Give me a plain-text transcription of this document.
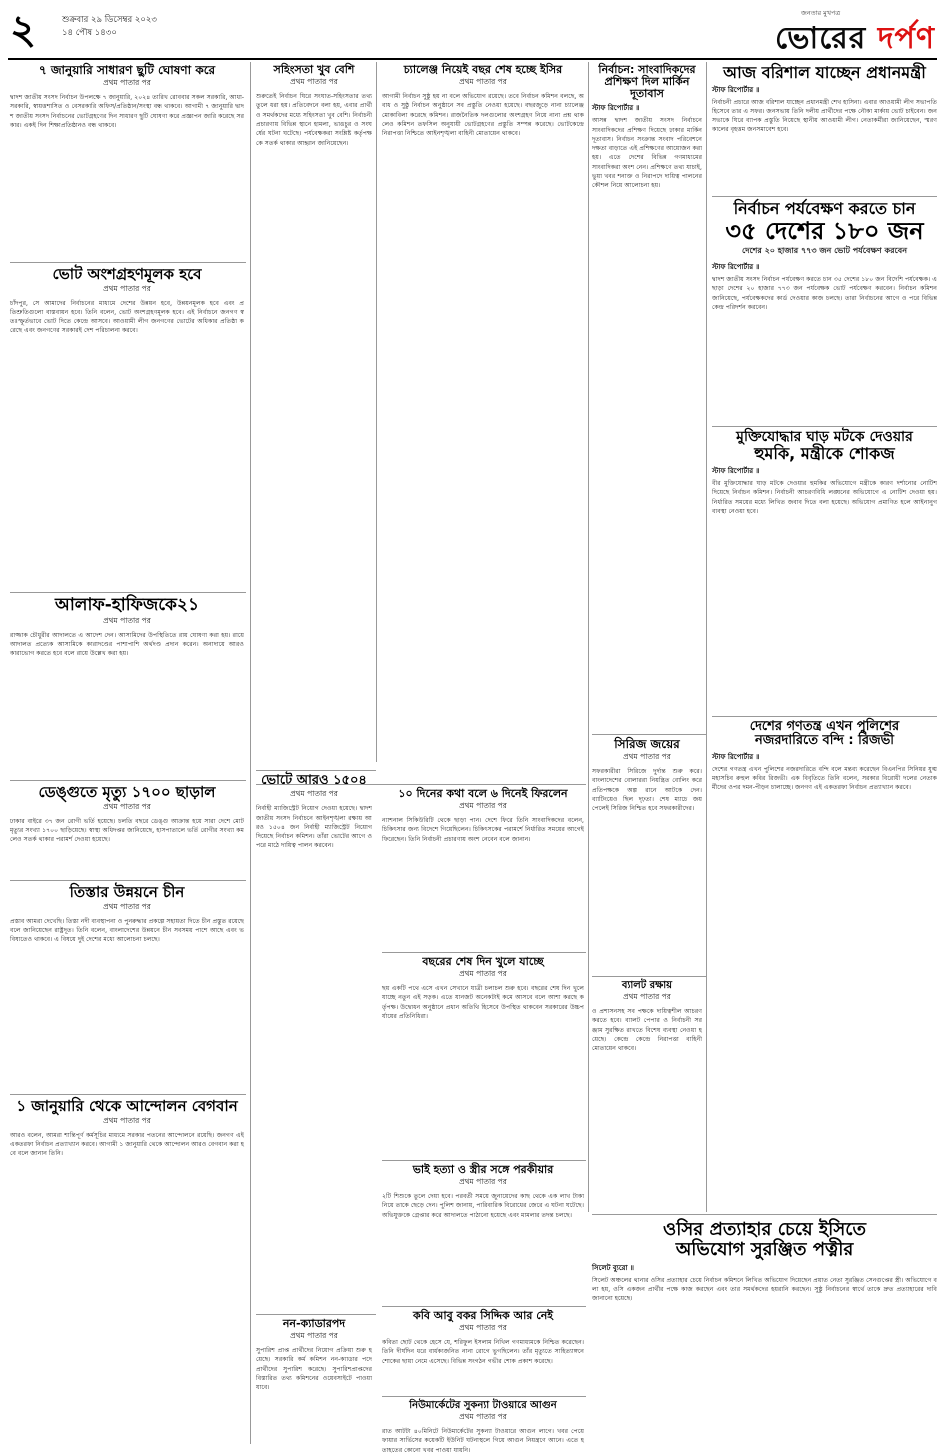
২	শুক্রবার ২৯ ডিসেম্বর ২০২৩
১৪ পৌষ ১৪৩০
জনতার মুখপত্র
ভোরের দর্পণ
৭ জানুয়ারি সাধারণ ছুটি ঘোষণা করে

প্রথম পাতার পর

দ্বাদশ জাতীয় সংসদ নির্বাচন উপলক্ষে ৭ জানুয়ারি, ২০২৪ তারিখ রোববার সকল সরকারি, আধা-সরকারি, স্বায়ত্তশাসিত ও বেসরকারি অফিস/প্রতিষ্ঠান/সংস্থা বন্ধ থাকবে। আগামী ৭ জানুয়ারি দ্বাদশ জাতীয় সংসদ নির্বাচনের ভোটগ্রহণের দিন সাধারণ ছুটি ঘোষণা করে প্রজ্ঞাপন জারি করেছে সরকার। একই দিন শিক্ষাপ্রতিষ্ঠানও বন্ধ থাকবে।

ভোট অংশগ্রহণমূলক হবে

প্রথম পাতার পর

চাঁদপুর, সে আমাদের নির্বাচনের মাধ্যমে দেশের উন্নয়ন হবে, উন্নয়নমূলক হবে এবং প্রতিশ্রুতিগুলো বাস্তবায়ন হবে। তিনি বলেন, ভোট অংশগ্রহণমূলক হবে। এই নির্বাচনে জনগণ স্বতঃস্ফূর্তভাবে ভোট দিতে কেন্দ্রে আসবে। আওয়ামী লীগ জনগণের ভোটের অধিকার প্রতিষ্ঠা করেছে এবং জনগণের সরকারই দেশ পরিচালনা করবে।

আলাফ-হাফিজকে২১

প্রথম পাতার পর

রাজ্জাক চৌধুরীর আদালতে এ আদেশ দেন। আসামিদের উপস্থিতিতে রায় ঘোষণা করা হয়। রায়ে আদালত প্রত্যেক আসামিকে কারাদণ্ডের পাশাপাশি অর্থদণ্ড প্রদান করেন। অনাদায়ে আরও কারাভোগ করতে হবে বলে রায়ে উল্লেখ করা হয়।

ডেঙ্গুতে মৃত্যু ১৭০০ ছাড়াল

প্রথম পাতার পর

ঢাকার বাইরে ৩৭ জন রোগী ভর্তি হয়েছে। চলতি বছরে ডেঙ্গু আক্রান্ত হয়ে সারা দেশে মোট মৃত্যুর সংখ্যা ১৭০০ ছাড়িয়েছে। স্বাস্থ্য অধিদপ্তর জানিয়েছে, হাসপাতালে ভর্তি রোগীর সংখ্যা কমলেও সতর্ক থাকার পরামর্শ দেওয়া হয়েছে।

তিস্তার উন্নয়নে চীন

প্রথম পাতার পর

প্রস্তাব আমরা দেখেছি। তিস্তা নদী ব্যবস্থাপনা ও পুনরুদ্ধার প্রকল্পে সহায়তা দিতে চীন প্রস্তুত রয়েছে বলে জানিয়েছেন রাষ্ট্রদূত। তিনি বলেন, বাংলাদেশের উন্নয়নে চীন সবসময় পাশে আছে এবং ভবিষ্যতেও থাকবে। এ বিষয়ে দুই দেশের মধ্যে আলোচনা চলছে।

১ জানুয়ারি থেকে আন্দোলন বেগবান

প্রথম পাতার পর

আরও বলেন, আমরা শান্তিপূর্ণ কর্মসূচির মাধ্যমে সরকার পতনের আন্দোলনে রয়েছি। জনগণ এই একতরফা নির্বাচন প্রত্যাখ্যান করবে। আগামী ১ জানুয়ারি থেকে আন্দোলন আরও বেগবান করা হবে বলে জানান তিনি।

সহিংসতা খুব বেশি

প্রথম পাতার পর

শুরুতেই নির্বাচন ঘিরে সংঘাত-সহিংসতার তথ্য তুলে ধরা হয়। প্রতিবেদনে বলা হয়, এবার প্রার্থী ও সমর্থকদের মধ্যে সহিংসতা খুব বেশি। নির্বাচনী প্রচারণায় বিভিন্ন স্থানে হামলা, ভাঙচুর ও সংঘর্ষের ঘটনা ঘটেছে। পর্যবেক্ষকরা সংশ্লিষ্ট কর্তৃপক্ষকে সতর্ক থাকার আহ্বান জানিয়েছেন।

ভোটে আরও ১৫০৪

প্রথম পাতার পর

নির্বাহী ম্যাজিস্ট্রেট নিয়োগ দেওয়া হয়েছে। দ্বাদশ জাতীয় সংসদ নির্বাচনে আইনশৃঙ্খলা রক্ষায় আরও ১৫০৪ জন নির্বাহী ম্যাজিস্ট্রেট নিয়োগ দিয়েছে নির্বাচন কমিশন। তাঁরা ভোটের আগে ও পরে মাঠে দায়িত্ব পালন করবেন।

নন-ক্যাডারপদ

প্রথম পাতার পর

সুপারিশ প্রাপ্ত প্রার্থীদের নিয়োগ প্রক্রিয়া শুরু হয়েছে। সরকারি কর্ম কমিশন নন-ক্যাডার পদে প্রার্থীদের সুপারিশ করেছে। সুপারিশপ্রাপ্তদের বিস্তারিত তথ্য কমিশনের ওয়েবসাইটে পাওয়া যাবে।

চ্যালেঞ্জ নিয়েই বছর শেষ হচ্ছে ইসির

প্রথম পাতার পর

আগামী নির্বাচন সুষ্ঠু হয় না বলে অভিযোগ রয়েছে। তবে নির্বাচন কমিশন বলছে, অবাধ ও সুষ্ঠু নির্বাচন অনুষ্ঠানে সব প্রস্তুতি নেওয়া হয়েছে। বছরজুড়ে নানা চ্যালেঞ্জ মোকাবিলা করেছে কমিশন। রাজনৈতিক দলগুলোর অংশগ্রহণ নিয়ে নানা প্রশ্ন থাকলেও কমিশন তফসিল অনুযায়ী ভোটগ্রহণের প্রস্তুতি সম্পন্ন করেছে। ভোটকেন্দ্রে নিরাপত্তা নিশ্চিতে আইনশৃঙ্খলা বাহিনী মোতায়েন থাকবে।

১০ দিনের কথা বলে ৬ দিনেই ফিরলেন

প্রথম পাতার পর

ন্যাশনাল সিকিউরিটি থেকে ছাড়া পান। দেশে ফিরে তিনি সাংবাদিকদের বলেন, চিকিৎসার জন্য বিদেশে গিয়েছিলেন। চিকিৎসকের পরামর্শে নির্ধারিত সময়ের আগেই ফিরেছেন। তিনি নির্বাচনী প্রচারণায় অংশ নেবেন বলে জানান।

বছরের শেষ দিন খুলে যাচ্ছে

প্রথম পাতার পর

ছয় একটি পথে এসে এখন সেখানে যাত্রী চলাচল শুরু হবে। বছরের শেষ দিন খুলে যাচ্ছে নতুন এই সড়ক। এতে যানজট অনেকটাই কমে আসবে বলে আশা করছে কর্তৃপক্ষ। উদ্বোধন অনুষ্ঠানে প্রধান অতিথি হিসেবে উপস্থিত থাকবেন সরকারের উচ্চপর্যায়ের প্রতিনিধিরা।

ভাই হত্যা ও স্ত্রীর সঙ্গে পরকীয়ার

প্রথম পাতার পর

২টি শিশুকে তুলে দেয়া হবে। পরবর্তী সময়ে জুনায়েদের কাছ থেকে এক লাখ টাকা নিয়ে তাকে ছেড়ে দেন। পুলিশ জানায়, পারিবারিক বিরোধের জেরে এ ঘটনা ঘটেছে। অভিযুক্তকে গ্রেপ্তার করে আদালতে পাঠানো হয়েছে এবং মামলার তদন্ত চলছে।

কবি আবু বকর সিদ্দিক আর নেই

প্রথম পাতার পর

কবিতা ছোট থেকে হেসে যে, শরিফুল ইসলাম নিখিল গণমাধ্যমকে নিশ্চিত করেছেন। তিনি দীর্ঘদিন ধরে বার্ধক্যজনিত নানা রোগে ভুগছিলেন। তাঁর মৃত্যুতে সাহিত্যাঙ্গনে শোকের ছায়া নেমে এসেছে। বিভিন্ন সংগঠন গভীর শোক প্রকাশ করেছে।

নিউমার্কেটের সুকন্যা টাওয়ারে আগুন

প্রথম পাতার পর

রাত আটটা ৪০মিনিটে নিউমার্কেটের সুকন্যা টাওয়ারে আগুন লাগে। খবর পেয়ে ফায়ার সার্ভিসের কয়েকটি ইউনিট ঘটনাস্থলে গিয়ে আগুন নিয়ন্ত্রণে আনে। এতে হতাহতের কোনো খবর পাওয়া যায়নি।

নির্বাচন: সাংবাদিকদের প্রশিক্ষণ দিল মার্কিন দূতাবাস

স্টাফ রিপোর্টার ॥

আসন্ন দ্বাদশ জাতীয় সংসদ নির্বাচনে সাংবাদিকদের প্রশিক্ষণ দিয়েছে ঢাকার মার্কিন দূতাবাস। নির্বাচন সংক্রান্ত সংবাদ পরিবেশনে দক্ষতা বাড়াতে এই প্রশিক্ষণের আয়োজন করা হয়। এতে দেশের বিভিন্ন গণমাধ্যমের সাংবাদিকরা অংশ নেন। প্রশিক্ষণে তথ্য যাচাই, ভুয়া খবর শনাক্ত ও নিরাপদে দায়িত্ব পালনের কৌশল নিয়ে আলোচনা হয়।

সিরিজ জয়ের

প্রথম পাতার পর

সফরকারীরা সিরিজে দুর্দান্ত শুরু করে। বাংলাদেশের বোলাররা নিয়ন্ত্রিত বোলিং করে প্রতিপক্ষকে অল্প রানে আটকে দেন। ব্যাটিংয়েও ছিল দৃঢ়তা। শেষ ম্যাচে জয় পেলেই সিরিজ নিশ্চিত হবে সফরকারীদের।

ব্যালট রক্ষায়

প্রথম পাতার পর

ও প্রশাসনসহ সব পক্ষকে দায়িত্বশীল আচরণ করতে হবে। ব্যালট পেপার ও নির্বাচনী সরঞ্জাম সুরক্ষিত রাখতে বিশেষ ব্যবস্থা নেওয়া হয়েছে। কেন্দ্রে কেন্দ্রে নিরাপত্তা বাহিনী মোতায়েন থাকবে।

আজ বরিশাল যাচ্ছেন প্রধানমন্ত্রী

স্টাফ রিপোর্টার ॥

নির্বাচনী প্রচারে আজ বরিশাল যাচ্ছেন প্রধানমন্ত্রী শেখ হাসিনা। এবার আওয়ামী লীগ সভাপতি হিসেবে তার এ সফর। জনসভায় তিনি দলীয় প্রার্থীদের পক্ষে নৌকা মার্কায় ভোট চাইবেন। জনসভাকে ঘিরে ব্যাপক প্রস্তুতি নিয়েছে স্থানীয় আওয়ামী লীগ। নেতাকর্মীরা জানিয়েছেন, স্মরণকালের বৃহত্তম জনসমাবেশ হবে।

নির্বাচন পর্যবেক্ষণ করতে চান
৩৫ দেশের ১৮০ জন

দেশের ২০ হাজার ৭৭৩ জন ভোট পর্যবেক্ষণ করবেন

স্টাফ রিপোর্টার ॥

দ্বাদশ জাতীয় সংসদ নির্বাচন পর্যবেক্ষণ করতে চান ৩৫ দেশের ১৮০ জন বিদেশি পর্যবেক্ষক। এছাড়া দেশের ২০ হাজার ৭৭৩ জন পর্যবেক্ষক ভোট পর্যবেক্ষণ করবেন। নির্বাচন কমিশন জানিয়েছে, পর্যবেক্ষকদের কার্ড দেওয়ার কাজ চলছে। তারা নির্বাচনের আগে ও পরে বিভিন্ন কেন্দ্র পরিদর্শন করবেন।

মুক্তিযোদ্ধার ঘাড় মটকে দেওয়ার
হুমকি, মন্ত্রীকে শোকজ

স্টাফ রিপোর্টার ॥

বীর মুক্তিযোদ্ধার ঘাড় মটকে দেওয়ার হুমকির অভিযোগে মন্ত্রীকে কারণ দর্শানোর নোটিশ দিয়েছে নির্বাচন কমিশন। নির্বাচনী আচরণবিধি লঙ্ঘনের অভিযোগে এ নোটিশ দেওয়া হয়। নির্ধারিত সময়ের মধ্যে লিখিত জবাব দিতে বলা হয়েছে। অভিযোগ প্রমাণিত হলে আইনানুগ ব্যবস্থা নেওয়া হবে।

দেশের গণতন্ত্র এখন পুলিশের
নজরদারিতে বন্দি : রিজভী

স্টাফ রিপোর্টার ॥

দেশের গণতন্ত্র এখন পুলিশের নজরদারিতে বন্দি বলে মন্তব্য করেছেন বিএনপির সিনিয়র যুগ্ম মহাসচিব রুহুল কবির রিজভী। এক বিবৃতিতে তিনি বলেন, সরকার বিরোধী দলের নেতাকর্মীদের ওপর দমন-পীড়ন চালাচ্ছে। জনগণ এই একতরফা নির্বাচন প্রত্যাখ্যান করবে।

ওসির প্রত্যাহার চেয়ে ইসিতে
অভিযোগ সুরঞ্জিত পত্নীর

সিলেট ব্যুরো ॥

সিলেট অঞ্চলের থানার ওসির প্রত্যাহার চেয়ে নির্বাচন কমিশনে লিখিত অভিযোগ দিয়েছেন প্রয়াত নেতা সুরঞ্জিত সেনগুপ্তের স্ত্রী। অভিযোগে বলা হয়, ওসি একজন প্রার্থীর পক্ষে কাজ করছেন এবং তার সমর্থকদের হয়রানি করছেন। সুষ্ঠু নির্বাচনের স্বার্থে তাকে দ্রুত প্রত্যাহারের দাবি জানানো হয়েছে।
